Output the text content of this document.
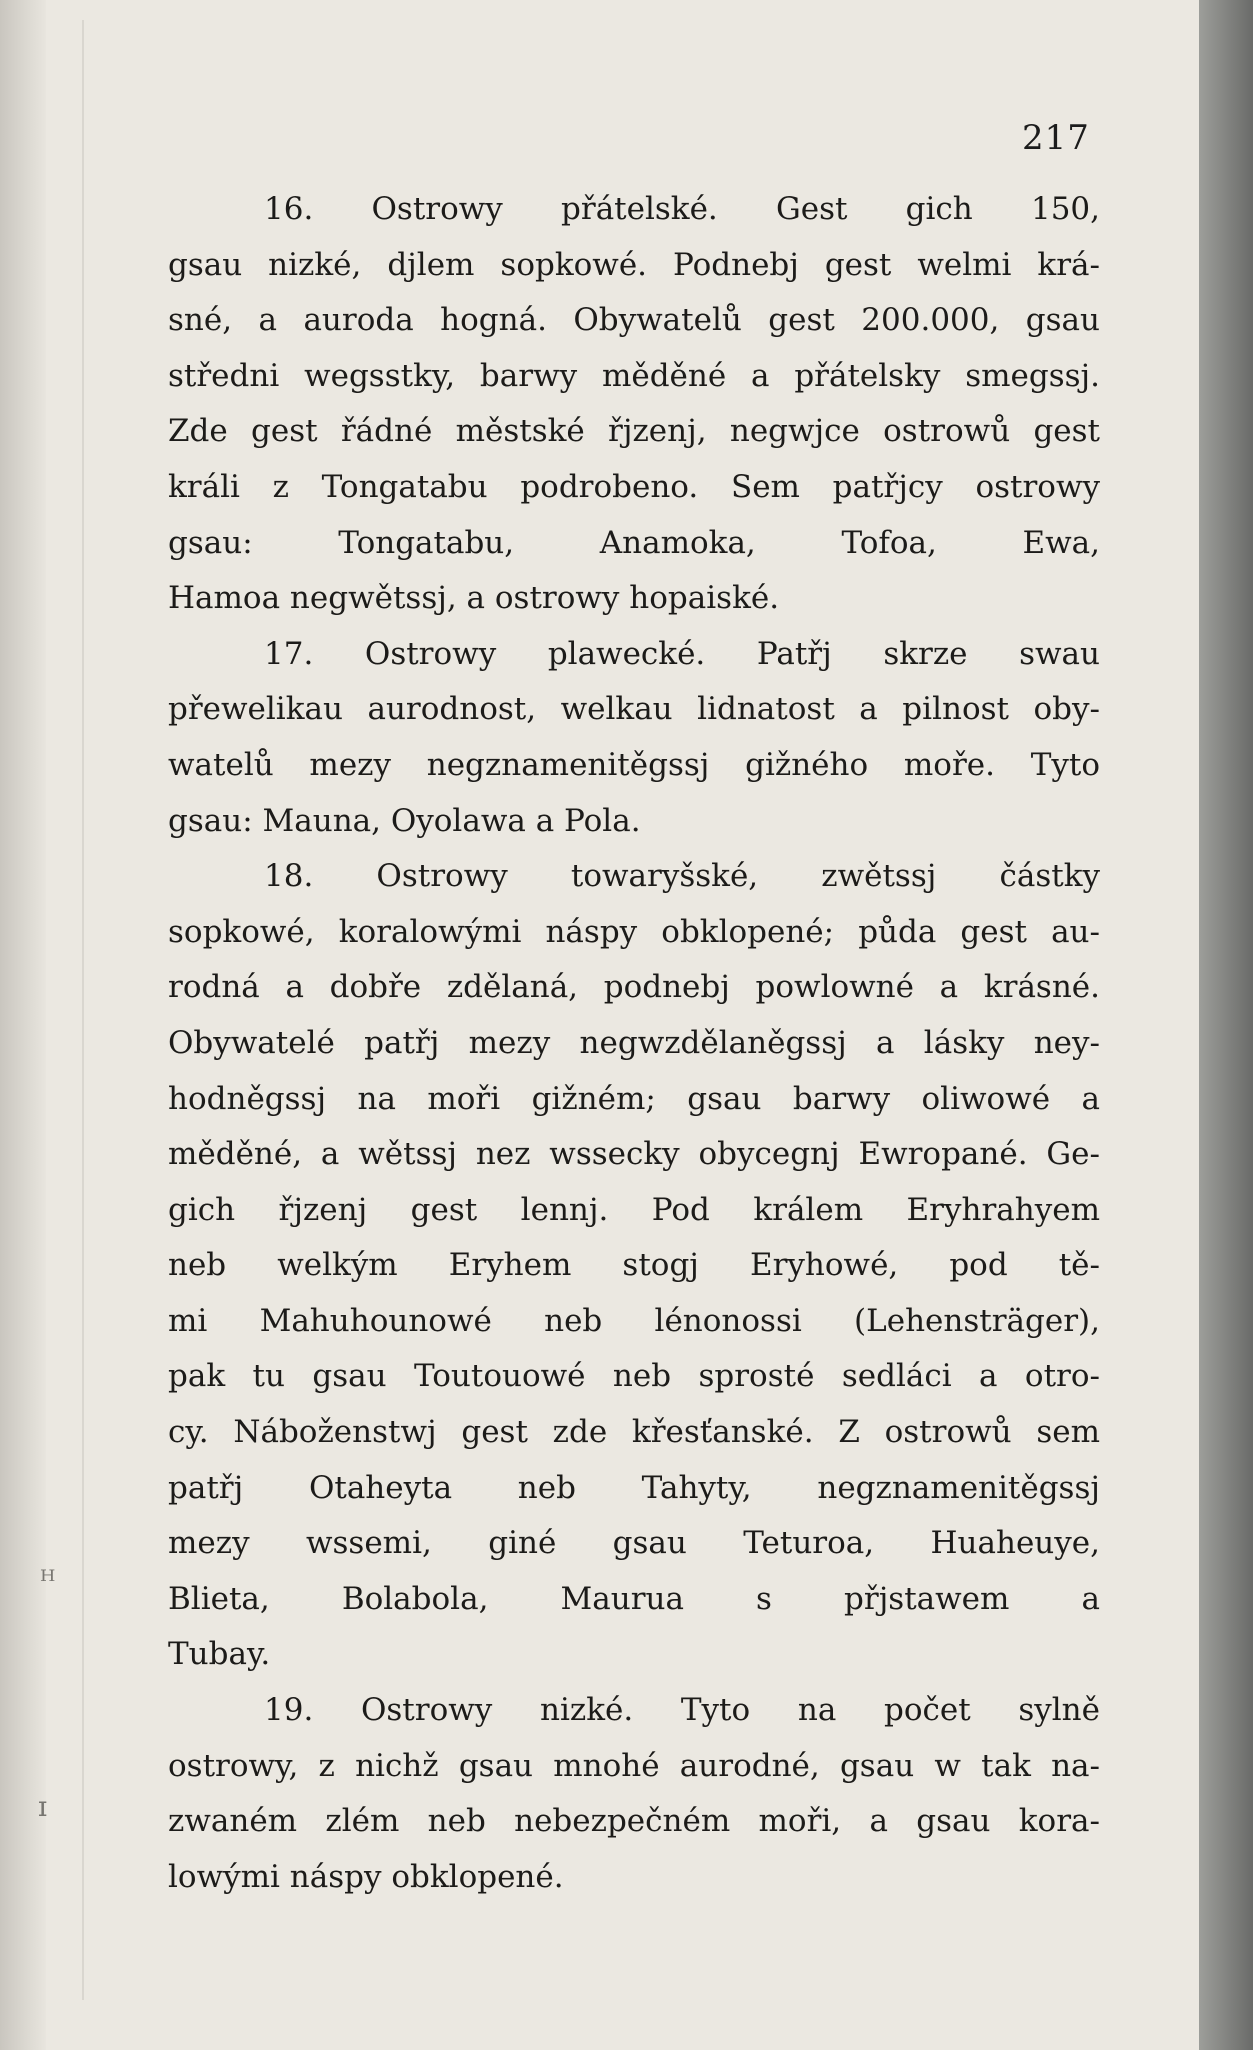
ᴴ
ɪ
217
16. Ostrowy přátelské. Gest gich 150,
gsau nizké, djlem sopkowé. Podnebj gest welmi krá-
sné, a auroda hogná. Obywatelů gest 200.000, gsau
středni wegsstky, barwy měděné a přátelsky smegssj.
Zde gest řádné městské řjzenj, negwjce ostrowů gest
králi z Tongatabu podrobeno. Sem patřjcy ostrowy
gsau: Tongatabu, Anamoka, Tofoa, Ewa,
Hamoa negwětssj, a ostrowy hopaiské.
17. Ostrowy plawecké. Patřj skrze swau
přewelikau aurodnost, welkau lidnatost a pilnost oby-
watelů mezy negznamenitěgssj gižného moře. Tyto
gsau: Mauna, Oyolawa a Pola.
18. Ostrowy towaryšské, zwětssj částky
sopkowé, koralowými náspy obklopené; půda gest au-
rodná a dobře zdělaná, podnebj powlowné a krásné.
Obywatelé patřj mezy negwzdělaněgssj a lásky ney-
hodněgssj na moři gižném; gsau barwy oliwowé a
měděné, a wětssj nez wssecky obycegnj Ewropané. Ge-
gich řjzenj gest lennj. Pod králem Eryhrahyem
neb welkým Eryhem stogj Eryhowé, pod tě-
mi Mahuhounowé neb lénonossi (Lehensträger),
pak tu gsau Toutouowé neb sprosté sedláci a otro-
cy. Náboženstwj gest zde křesťanské. Z ostrowů sem
patřj Otaheyta neb Tahyty, negznamenitěgssj
mezy wssemi, giné gsau Teturoa, Huaheuye,
Blieta, Bolabola, Maurua s přjstawem a
Tubay.
19. Ostrowy nizké. Tyto na počet sylně
ostrowy, z nichž gsau mnohé aurodné, gsau w tak na-
zwaném zlém neb nebezpečném moři, a gsau kora-
lowými náspy obklopené.
